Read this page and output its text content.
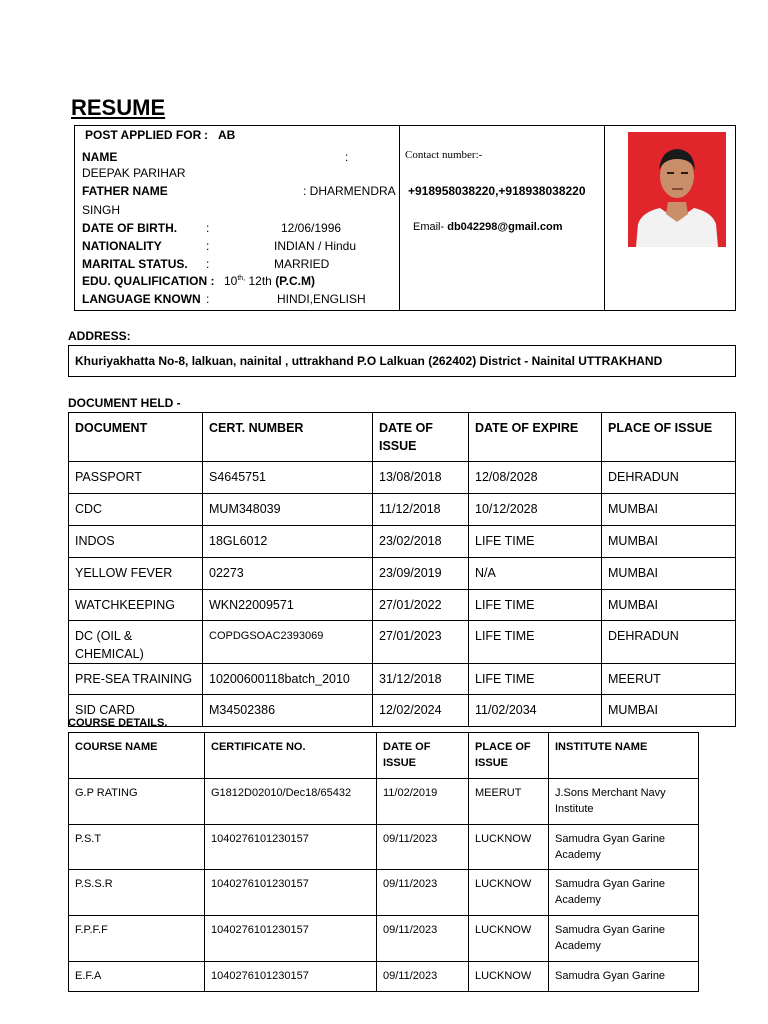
RESUME

POST APPLIED FOR : AB
NAME	:
DEEPAK PARIHAR
FATHER NAME	: DHARMENDRA
SINGH
DATE OF BIRTH. :	12/06/1996
NATIONALITY	:	INDIAN / Hindu
MARITAL STATUS. :	MARRIED
EDU. QUALIFICATION : $10^{th,}$ 12th (P.C.M)
LANGUAGE KNOWN :	HINDI,ENGLISH
Contact number:-
+918958038220,+918938038220
Email- db042298@gmail.com
ADDRESS:
Khuriyakhatta No-8, lalkuan, nainital , uttrakhand P.O Lalkuan (262402) District - Nainital UTTRAKHAND
DOCUMENT HELD -
DOCUMENT	CERT. NUMBER	DATE OF ISSUE	DATE OF EXPIRE	PLACE OF ISSUE
PASSPORT	S4645751	13/08/2018	12/08/2028	DEHRADUN
CDC	MUM348039	11/12/2018	10/12/2028	MUMBAI
INDOS	18GL6012	23/02/2018	LIFE TIME	MUMBAI
YELLOW FEVER	02273	23/09/2019	N/A	MUMBAI
WATCHKEEPING	WKN22009571	27/01/2022	LIFE TIME	MUMBAI
DC (OIL & CHEMICAL)	COPDGSOAC2393069	27/01/2023	LIFE TIME	DEHRADUN
PRE-SEA TRAINING	10200600118batch_2010	31/12/2018	LIFE TIME	MEERUT
SID CARD	M34502386	12/02/2024	11/02/2034	MUMBAI
COURSE DETAILS.
COURSE NAME	CERTIFICATE NO.	DATE OF ISSUE	PLACE OF ISSUE	INSTITUTE NAME
G.P RATING	G1812D02010/Dec18/65432	11/02/2019	MEERUT	J.Sons Merchant Navy Institute
P.S.T	1040276101230157	09/11/2023	LUCKNOW	Samudra Gyan Garine Academy
P.S.S.R	1040276101230157	09/11/2023	LUCKNOW	Samudra Gyan Garine Academy
F.P.F.F	1040276101230157	09/11/2023	LUCKNOW	Samudra Gyan Garine Academy
E.F.A	1040276101230157	09/11/2023	LUCKNOW	Samudra Gyan Garine
